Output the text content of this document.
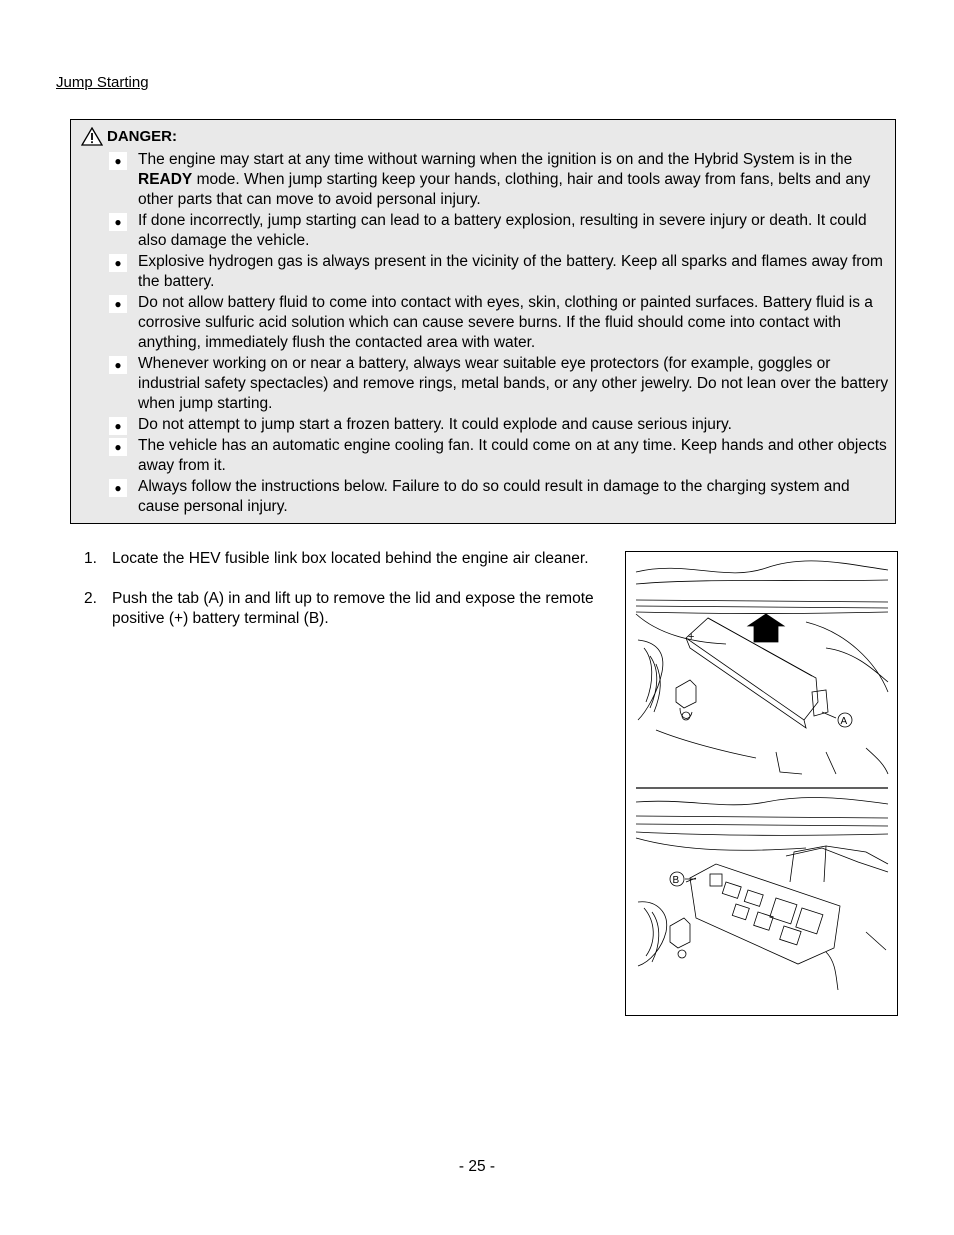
Jump Starting
DANGER:
●	The engine may start at any time without warning when the ignition is on and the Hybrid System is in the READY mode. When jump starting keep your hands, clothing, hair and tools away from fans, belts and any other parts that can move to avoid personal injury.
●	If done incorrectly, jump starting can lead to a battery explosion, resulting in severe injury or death. It could also damage the vehicle.
●	Explosive hydrogen gas is always present in the vicinity of the battery. Keep all sparks and flames away from the battery.
●	Do not allow battery fluid to come into contact with eyes, skin, clothing or painted surfaces. Battery fluid is a corrosive sulfuric acid solution which can cause severe burns. If the fluid should come into contact with anything, immediately flush the contacted area with water.
●	Whenever working on or near a battery, always wear suitable eye protectors (for example, goggles or industrial safety spectacles) and remove rings, metal bands, or any other jewelry. Do not lean over the battery when jump starting.
●	Do not attempt to jump start a frozen battery. It could explode and cause serious injury.
●	The vehicle has an automatic engine cooling fan. It could come on at any time. Keep hands and other objects away from it.
●	Always follow the instructions below. Failure to do so could result in damage to the charging system and cause personal injury.
1. Locate the HEV fusible link box located behind the engine air cleaner.
2. Push the tab (A) in and lift up to remove the lid and expose the remote positive (+) battery terminal (B).
+
A
B
- 25 -
